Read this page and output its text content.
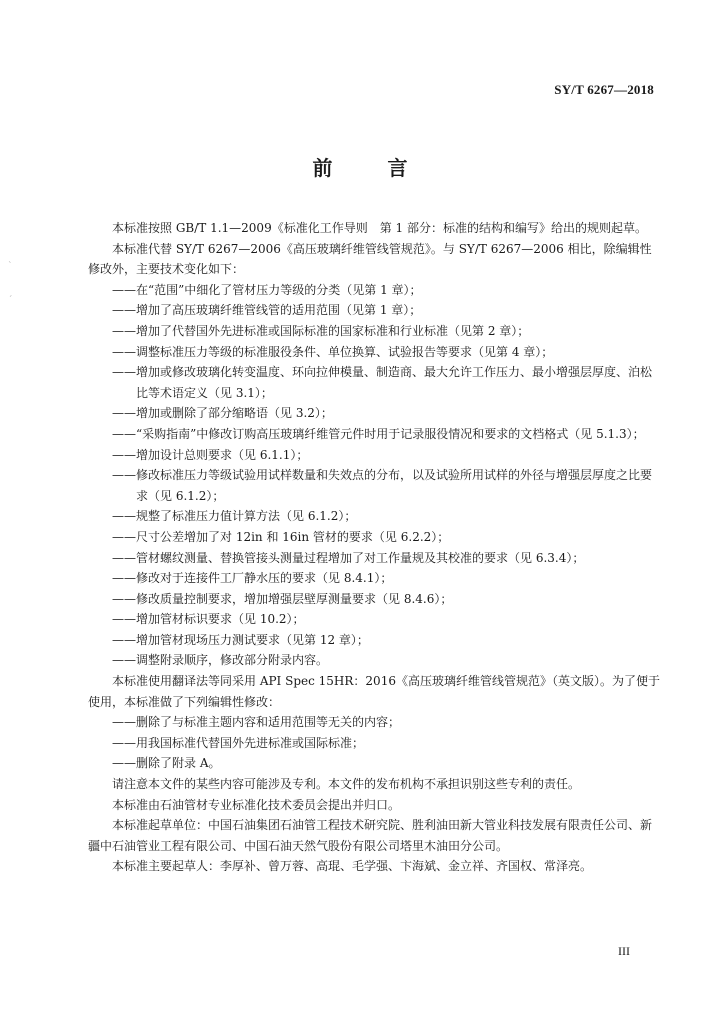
SY/T 6267—2018
前 言

本标准按照 GB/T 1.1—2009《标准化工作导则　第 1 部分：标准的结构和编写》给出的规则起草。

本标准代替 SY/T 6267—2006《高压玻璃纤维管线管规范》。与 SY/T 6267—2006 相比，除编辑性修改外，主要技术变化如下：

——在“范围”中细化了管材压力等级的分类（见第 1 章）；

——增加了高压玻璃纤维管线管的适用范围（见第 1 章）；

——增加了代替国外先进标准或国际标准的国家标准和行业标准（见第 2 章）；

——调整标准压力等级的标准服役条件、单位换算、试验报告等要求（见第 4 章）；

——增加或修改玻璃化转变温度、环向拉伸模量、制造商、最大允许工作压力、最小增强层厚度、泊松比等术语定义（见 3.1）；

——增加或删除了部分缩略语（见 3.2）；

——“采购指南”中修改订购高压玻璃纤维管元件时用于记录服役情况和要求的文档格式（见 5.1.3）；

——增加设计总则要求（见 6.1.1）；

——修改标准压力等级试验用试样数量和失效点的分布，以及试验所用试样的外径与增强层厚度之比要求（见 6.1.2）；

——规整了标准压力值计算方法（见 6.1.2）；

——尺寸公差增加了对 12in 和 16in 管材的要求（见 6.2.2）；

——管材螺纹测量、替换管接头测量过程增加了对工作量规及其校准的要求（见 6.3.4）；

——修改对于连接件工厂静水压的要求（见 8.4.1）；

——修改质量控制要求，增加增强层壁厚测量要求（见 8.4.6）；

——增加管材标识要求（见 10.2）；

——增加管材现场压力测试要求（见第 12 章）；

——调整附录顺序，修改部分附录内容。

本标准使用翻译法等同采用 API Spec 15HR：2016《高压玻璃纤维管线管规范》（英文版）。为了便于使用，本标准做了下列编辑性修改：

——删除了与标准主题内容和适用范围等无关的内容；

——用我国标准代替国外先进标准或国际标准；

——删除了附录 A。

请注意本文件的某些内容可能涉及专利。本文件的发布机构不承担识别这些专利的责任。

本标准由石油管材专业标准化技术委员会提出并归口。

本标准起草单位：中国石油集团石油管工程技术研究院、胜利油田新大管业科技发展有限责任公司、新疆中石油管业工程有限公司、中国石油天然气股份有限公司塔里木油田分公司。

本标准主要起草人：李厚补、曾万蓉、高琨、毛学强、卞海斌、金立祥、齐国权、常泽亮。

III
ˋ
ˊ
